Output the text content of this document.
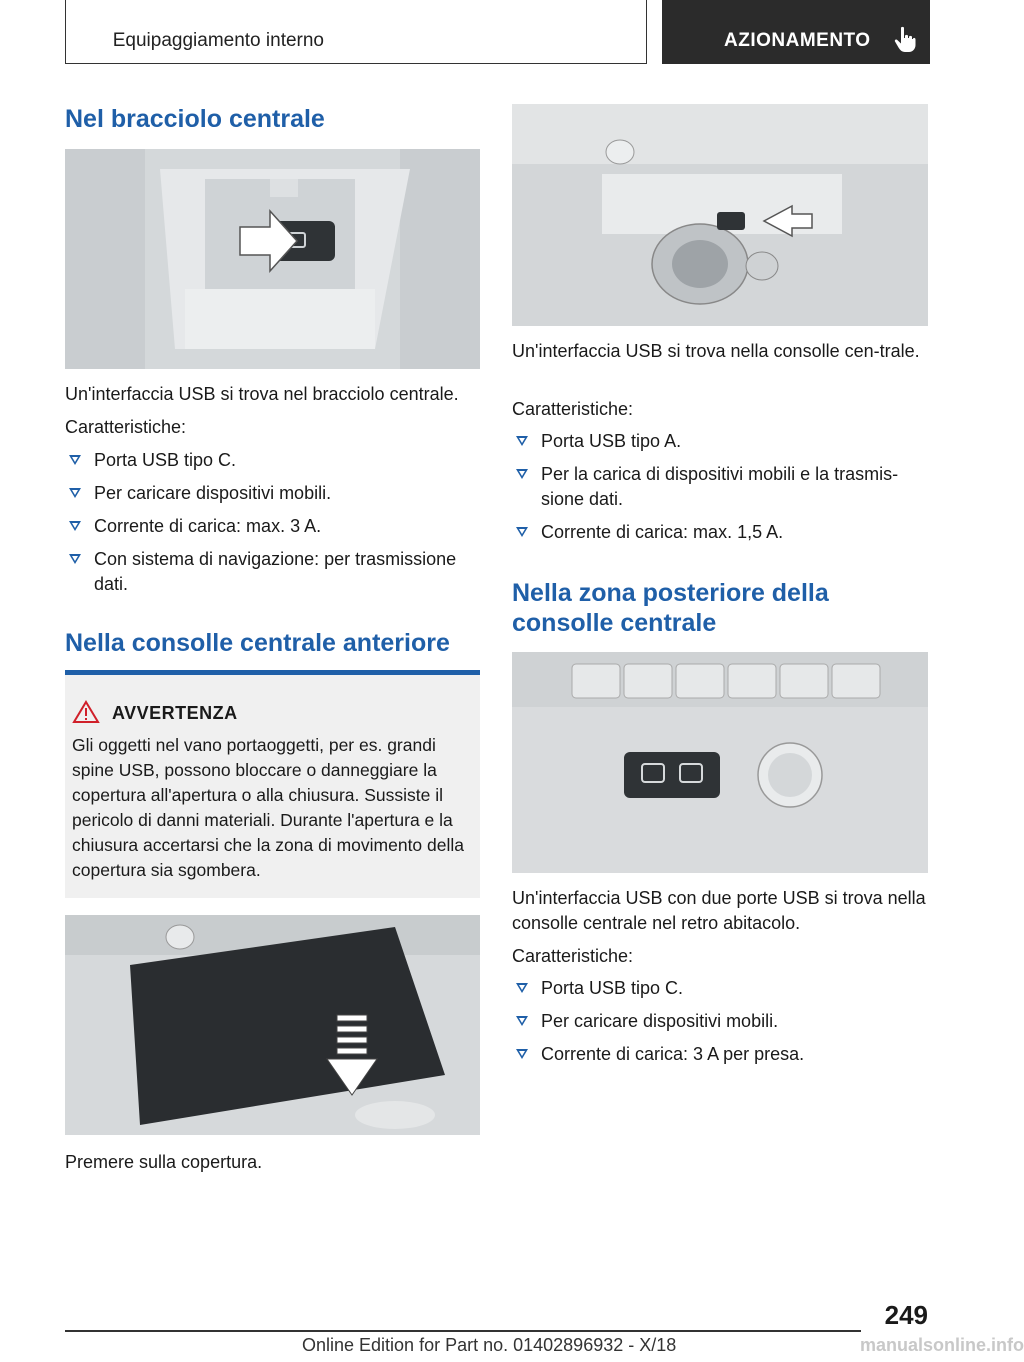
Equipaggiamento interno	AZIONAMENTO
Nel bracciolo centrale

Un'interfaccia USB si trova nel bracciolo centrale.

Caratteristiche:

Porta USB tipo C.
Per caricare dispositivi mobili.
Corrente di carica: max. 3 A.
Con sistema di navigazione: per trasmissione dati.
Nella consolle centrale anteriore
AVVERTENZA
Gli oggetti nel vano portaoggetti, per es. grandi spine USB, possono bloccare o danneggiare la copertura all'apertura o alla chiusura. Sussiste il pericolo di danni materiali. Durante l'apertura e la chiusura accertarsi che la zona di movimento della copertura sia sgombera.

Premere sulla copertura.

Un'interfaccia USB si trova nella consolle cen-trale.

Caratteristiche:

Porta USB tipo A.
Per la carica di dispositivi mobili e la trasmis-sione dati.
Corrente di carica: max. 1,5 A.
Nella zona posteriore della consolle centrale

Un'interfaccia USB con due porte USB si trova nella consolle centrale nel retro abitacolo.

Caratteristiche:

Porta USB tipo C.
Per caricare dispositivi mobili.
Corrente di carica: 3 A per presa.
249
Online Edition for Part no. 01402896932 - X/18	manualsonline.info
